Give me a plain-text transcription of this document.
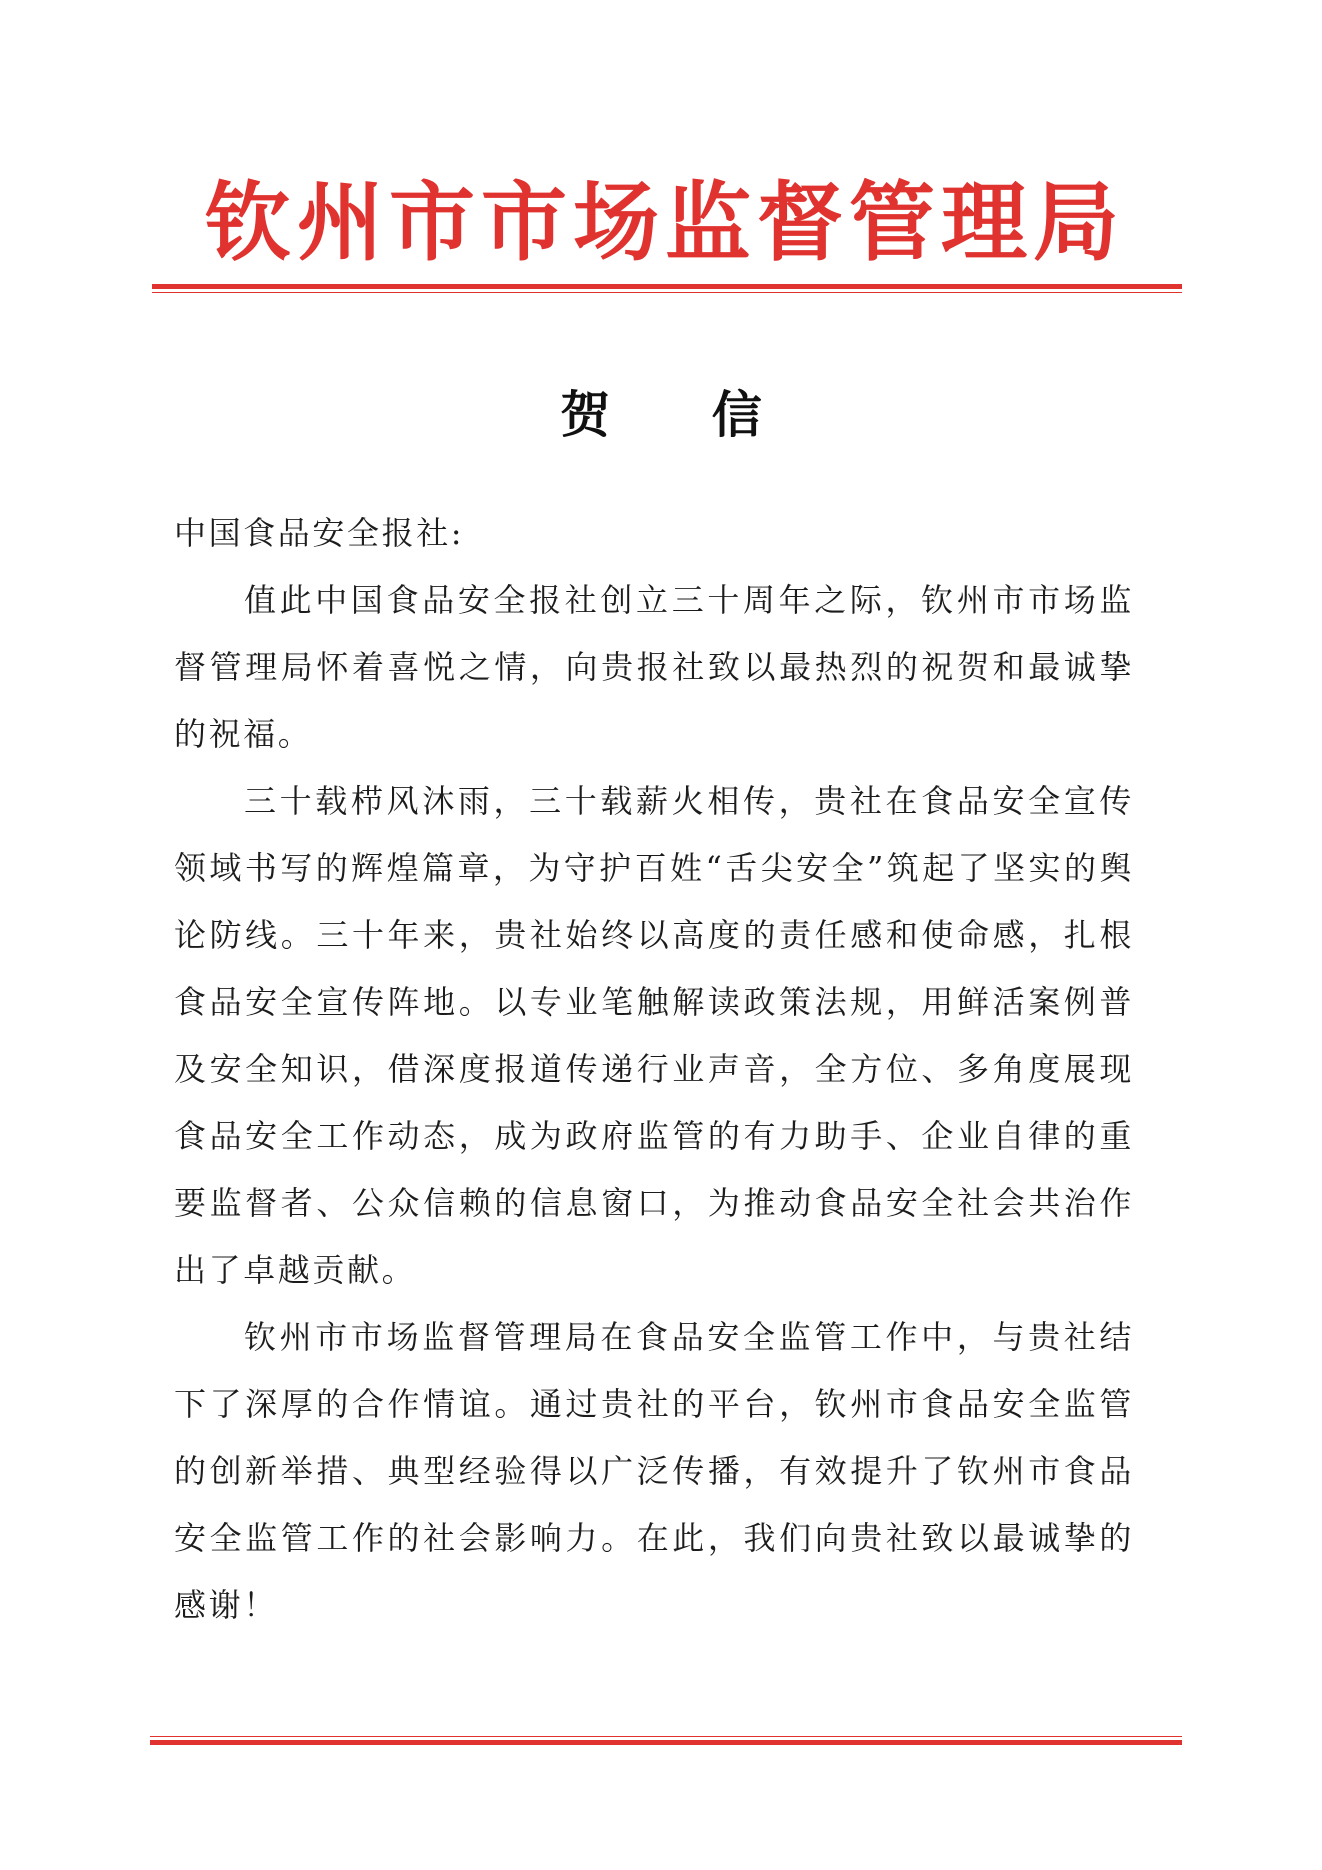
钦州市市场监督管理局
贺 信

中国食品安全报社:

值此中国食品安全报社创立三十周年之际，钦州市市场监督管理局怀着喜悦之情，向贵报社致以最热烈的祝贺和最诚挚的祝福。

三十载栉风沐雨，三十载薪火相传，贵社在食品安全宣传领域书写的辉煌篇章，为守护百姓“舌尖安全”筑起了坚实的舆论防线。三十年来，贵社始终以高度的责任感和使命感，扎根食品安全宣传阵地。以专业笔触解读政策法规，用鲜活案例普及安全知识，借深度报道传递行业声音，全方位、多角度展现食品安全工作动态，成为政府监管的有力助手、企业自律的重要监督者、公众信赖的信息窗口，为推动食品安全社会共治作出了卓越贡献。

钦州市市场监督管理局在食品安全监管工作中，与贵社结下了深厚的合作情谊。通过贵社的平台，钦州市食品安全监管的创新举措、典型经验得以广泛传播，有效提升了钦州市食品安全监管工作的社会影响力。在此，我们向贵社致以最诚挚的感谢！
